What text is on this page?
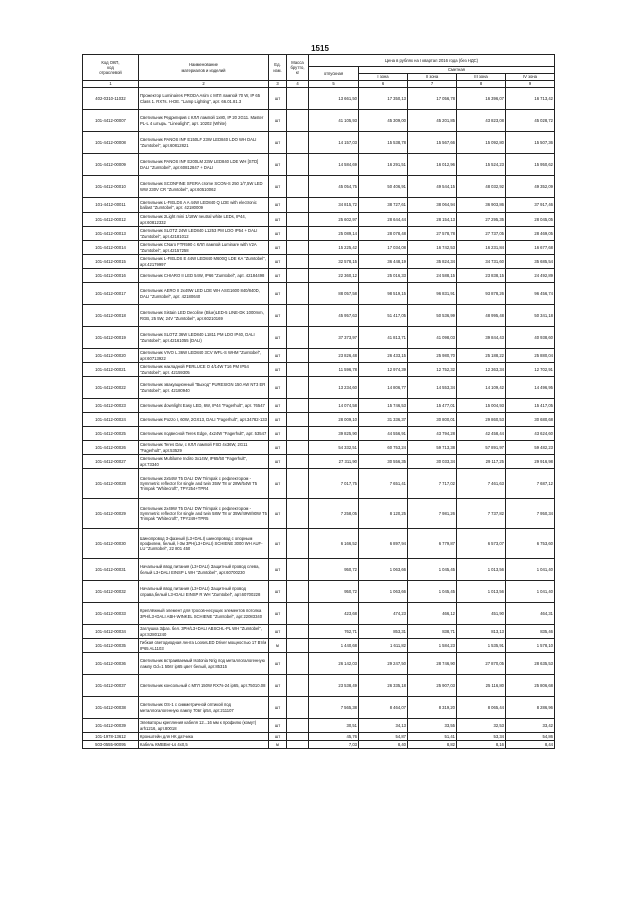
1515
Код ОКП,
код
отраслевой	Наименование
материалов и изделий	Ед.
изм.	Масса
брутто,
кг	Цена в рублях на I квартал 2016 года (без НДС)				
				отпускная	Сметная			
					I зона	II зона	III зона	IV зона
1	2	3	4	5	6	7	8	9
402-0310-11032	Прожектор Luminaires PRODA Asim с МГЛ лампой 70 W, IP 65 Class 1. RX7s. H-DE. "Lamp Lighting", арт. 66.01.81.3	шт		13 661,50	17 350,13	17 056,78	16 396,07	16 713,42
101-4412-00007	Светильник Редригирив с КЛЛ лампой 1x80, IP 20 2G11. Master PL-L 4 штырь. "Linealight", арт. 10202 (White)	шт		41 105,93	45 309,00	45 201,85	43 823,08	45 028,72
101-4412-00008	Светильник PANOS INF E150LF 23W LED840 LDO WH DALI "Zumtobel", арт.60812821	шт		14 157,03	15 538,78	15 567,66	15 092,80	15 507,36
101-4412-00009	Светильник PANOS INF E200LM 23W LED840 LDE WH [STD] DALI "Zumtobel", арт.60812847 + DALI	шт		14 584,69	16 291,51	16 012,96	15 524,23	15 950,62
101-4412-00010	Светильник SCONFINE SFERA crome SCON-S 250 1/7,5W LED WW 230V CR "Zumtobel", арт.60510062	шт		45 054,75	50 406,91	49 544,15	48 032,92	49 352,09
101-4412-00011	Светильник L-FIELDS A A 44W LED840 Q LDE with electronic ballast "Zumtobel", арт. 42180009	шт		34 815,72	38 727,61	38 064,94	36 903,86	37 917,46
101-4412-00012	Светильник 2Light mini 1/18W neutral white LEDs, IP44, арт.60812332	шт		25 602,97	28 644,44	28 154,13	27 295,35	28 045,05
101-4412-00013	Светильник SLOTZ 24W LED840 L1253 PM LDO IP54 + DALI "Zumtobel", арт.42181012	шт		25 089,14	28 078,48	27 578,78	27 737,05	28 469,05
101-4412-00014	Светильник CNaro FTR590 с КЛЛ лампой Luminare with V2A "Zumtobel", арт.42157258	шт		15 225,42	17 034,08	16 742,53	16 231,84	16 677,68
101-4412-00015	Светильник L-FIELDS E 44W LED840 M600Q LDE KA "Zumtobel", арт.42179997	шт		32 578,15	36 448,19	35 824,34	34 731,60	35 685,54
101-4412-00016	Светильник CHIARO II LED 54W, IP66 "Zumtobel", арт. 42184498	шт		22 360,12	25 016,33	24 588,15	23 838,15	24 492,89
101-4412-00017	Светильник AERO II 2x49W LED LDE WH ASG1600 840/840D, DALI "Zumtobel", арт. 42180640	шт		88 057,58	98 519,15	96 831,91	93 878,26	96 456,74
101-4412-00018	Светильник Sistain LED Decoline (Blue)LED-5 LINE-DK 1000mm, RGB, 25 5W, 24V "Zumtobel", арт.60210169	шт		45 957,63	51 417,05	50 536,99	48 995,48	50 341,18
101-4412-00019	Светильник SLOTZ 36W LED840 L1811 PM LDO IP40, DALI "Zumtobel", арт.42161055 (DALI)	шт		37 373,97	41 813,71	41 098,03	39 844,43	40 938,60
101-4412-00020	Светильник VIVO L 36W LED840 3CV WFL-S WHM "Zumtobel", арт.60713922	шт		23 826,48	26 433,15	25 980,70	25 188,22	25 880,04
101-4412-00021	Светильник накладной PERLUCE O 4/14W T16 PM IP54 "Zumtobel", арт. 42159305	шт		11 596,78	12 974,39	12 752,32	12 363,34	12 702,91
101-4412-00022	Светильник эвакуационный "Выход" PURESIGN 150 AW NT3 ER "Zumtobel", арт. 42180940	шт		13 234,60	14 806,77	14 553,34	14 109,42	14 496,95
101-4412-00023	Светильник downlight Easy LED, 6W, IP44 "Fagerhult", арт. 76547	шт		14 074,58	15 746,53	15 477,01	15 004,93	15 417,05
101-4412-00024	Светильник Pozzo I, 60W, 2GX13, DALI "Fagerhult", арт.34782-133	шт		28 009,10	31 336,37	30 800,01	29 860,53	30 680,68
101-4412-00025	Светильник подвесной Teres Edge, 4x24W "Fagerhult", арт. 53547	шт		39 825,90	44 556,91	43 794,28	42 458,44	43 624,60
101-4412-00026	Светильник Teres Dav, с КЛЛ лампой FSD 4x36W, 2G11 "Fagerhult", арт.53529	шт		54 332,51	60 753,24	59 713,38	57 891,97	59 482,23
101-4412-00027	Светильник Multilume Indiro 3x14W, IP65/50 "Fagerhult", арт.73340	шт		27 311,90	30 556,35	30 033,34	29 117,25	29 916,98
101-4412-00028	Светильник 2x54W T5 DALI DW Trimpak с рефлектором - Symmetric reflector for single and twin 35W T8 or 28W/54W T5 Trimpak "Whitecroft", TPY254+TPR4	шт		7 017,75	7 651,41	7 717,02	7 461,63	7 687,12
101-4412-00029	Светильник 2x49W T5 DALI DW Trimpak с рефлектором - Symmetric reflector for single and twin 58W T8 or 35W/49W/80W T5 Trimpak "Whitecroft", TPY249+TPR5	шт		7 258,05	8 120,25	7 981,26	7 737,82	7 950,34
101-4412-00030	Шинопровод 3-фазный (L3+DALI) шинопровод с опорным профилем, белый, l-3м 3PH(L3+DALI) SCHIENE 3000 WH AUF-LU "Zumtobel", 22 801 450	шт		6 166,52	6 897,94	6 779,87	6 573,07	6 753,60
101-4412-00031	Начальный ввод питания (L3+DALI) Защитный провод слева, белый L3+DALI EINSP L WH "Zumtobel", арт.60700230	шт		950,72	1 063,66	1 045,45	1 013,56	1 041,40
101-4412-00032	Начальный ввод питания (L3+DALI) Защитный провод справа,белый L3+DALI EINSP R WH "Zumtobel", арт.60700228	шт		950,72	1 063,66	1 045,45	1 013,56	1 041,40
101-4412-00033	Креплёжный элемент для тросов-несущих элементов потолка 3PH/L3+DALI ABH-WINKEL SCHIENE "Zumtobel", арт.22083340	шт		423,68	474,23	466,12	451,90	464,31
101-4412-00034	Заглушка 3фаз. бел. 3PH/L3+DALI ABSCHL-PL WH "Zumtobel", арт.S2801240	шт		762,71	853,31	838,71	813,13	835,46
101-4412-00035	Гибкая светодиодная лента LooseLED Driver мощностью 17 Вт/м IP65 AL1103	м		1 440,68	1 611,82	1 584,23	1 535,91	1 578,10
101-4412-00036	Светильник встраиваемый Isotonia Nrig под металлогалогенную лампу Gd=1 50вт ip65 цвет белый, арт.85315	шт		26 142,03	29 247,50	28 746,90	27 870,05	28 635,53
101-4412-00037	Светильник консольный с МГЛ 150W RX7s-24 ip65, арт.75010.08	шт		23 538,49	26 335,18	25 907,03	25 116,80	25 806,68
101-4412-00038	Светильник OS-1 с симметричной оптикой под металлогалогенную лампу 70вт ip54, арт.211107	шт		7 565,38	8 464,07	8 319,20	8 065,44	8 286,96
101-4412-00039	Элеваторы крепления кабеля 12...16 мм к профилю (комут) arh1216, арт.80018	шт		30,51	34,13	33,55	32,53	33,42
101-1978-13612	Кронштейн для НК датчика	шт		45,76	54,87	51,41	53,34	54,86
503-0555-90095	Кабель КМВВнг-Ls 4х0,5	м		7,03	8,40	8,82	8,16	8,44
